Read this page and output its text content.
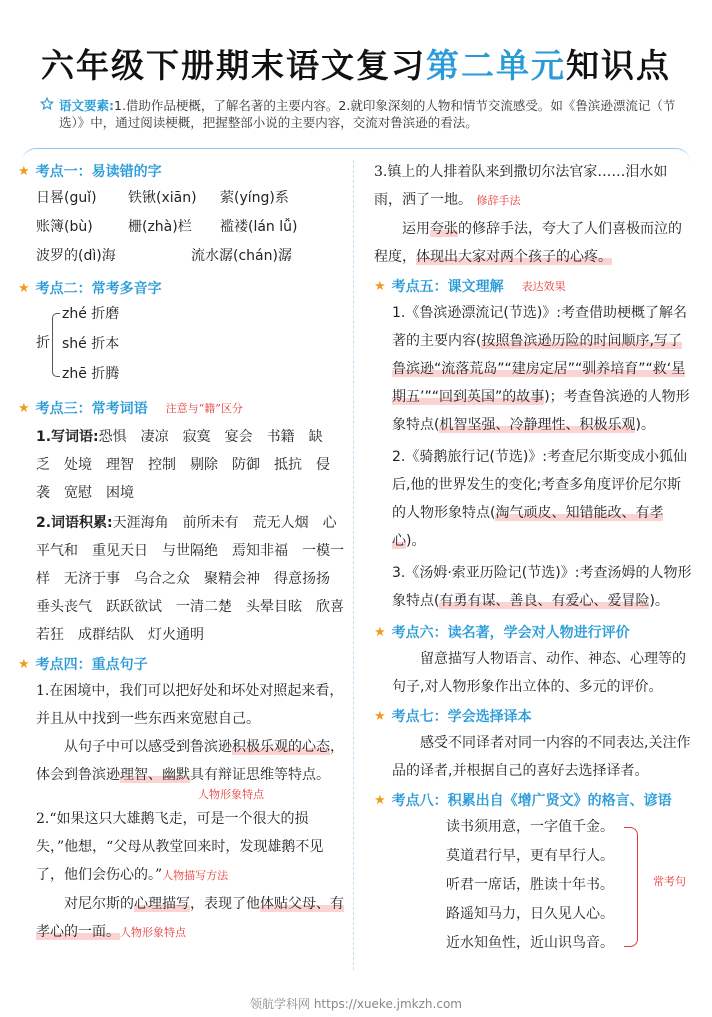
六年级下册期末语文复习第二单元知识点

语文要素:1.借助作品梗概，了解名著的主要内容。2.就印象深刻的人物和情节交流感受。如《鲁滨逊漂流记（节选）》中，通过阅读梗概，把握整部小说的主要内容，交流对鲁滨逊的看法。

★ 考点一：易读错的字
日晷(guǐ)	铁锹(xiān)	萦(yíng)系
账簿(bù)	栅(zhà)栏	褴褛(lán lǚ)
波罗的(dì)海	流水潺(chán)潺
★ 考点二：常考多音字
折
zhé 折磨
shé 折本
zhē 折腾
★ 考点三：常考词语 注意与“籍”区分
1.写词语:恐惧 凄凉 寂寞 宴会 书籍 缺乏 处境 理智 控制 剔除 防御 抵抗 侵袭 宽慰 困境
2.词语积累:天涯海角 前所未有 荒无人烟 心平气和 重见天日 与世隔绝 焉知非福 一模一样 无济于事 乌合之众 聚精会神 得意扬扬垂头丧气 跃跃欲试 一清二楚 头晕目眩 欣喜若狂 成群结队 灯火通明
★ 考点四：重点句子
1.在困境中，我们可以把好处和坏处对照起来看，并且从中找到一些东西来宽慰自己。
从句子中可以感受到鲁滨逊积极乐观的心态，体会到鲁滨逊理智、幽默具有辩证思维等特点。
人物形象特点
2.“如果这只大雄鹅飞走，可是一个很大的损失，”他想，“父母从教堂回来时，发现雄鹅不见了，他们会伤心的。”人物描写方法
对尼尔斯的心理描写，表现了他体贴父母、有孝心的一面。人物形象特点
3.镇上的人排着队来到撒切尔法官家……泪水如雨，洒了一地。 修辞手法
运用夸张的修辞手法，夸大了人们喜极而泣的程度，体现出大家对两个孩子的心疼。
★ 考点五：课文理解 表达效果
1.《鲁滨逊漂流记(节选)》:考查借助梗概了解名著的主要内容(按照鲁滨逊历险的时间顺序,写了鲁滨逊“流落荒岛”“建房定居”“驯养培育”“救‘星期五’”“回到英国”的故事)；考查鲁滨逊的人物形象特点(机智坚强、冷静理性、积极乐观)。
2.《骑鹅旅行记(节选)》:考查尼尔斯变成小狐仙后,他的世界发生的变化;考查多角度评价尼尔斯的人物形象特点(淘气顽皮、知错能改、有孝心)。
3.《汤姆·索亚历险记(节选)》:考查汤姆的人物形象特点(有勇有谋、善良、有爱心、爱冒险)。
★ 考点六：读名著，学会对人物进行评价
留意描写人物语言、动作、神态、心理等的句子,对人物形象作出立体的、多元的评价。
★ 考点七：学会选择译本
感受不同译者对同一内容的不同表达,关注作品的译者,并根据自己的喜好去选择译者。
★ 考点八：积累出自《增广贤文》的格言、谚语
读书须用意，一字值千金。
莫道君行早，更有早行人。
听君一席话，胜读十年书。
路遥知马力，日久见人心。
近水知鱼性，近山识鸟音。
常考句
领航学科网 https://xueke.jmkzh.com
